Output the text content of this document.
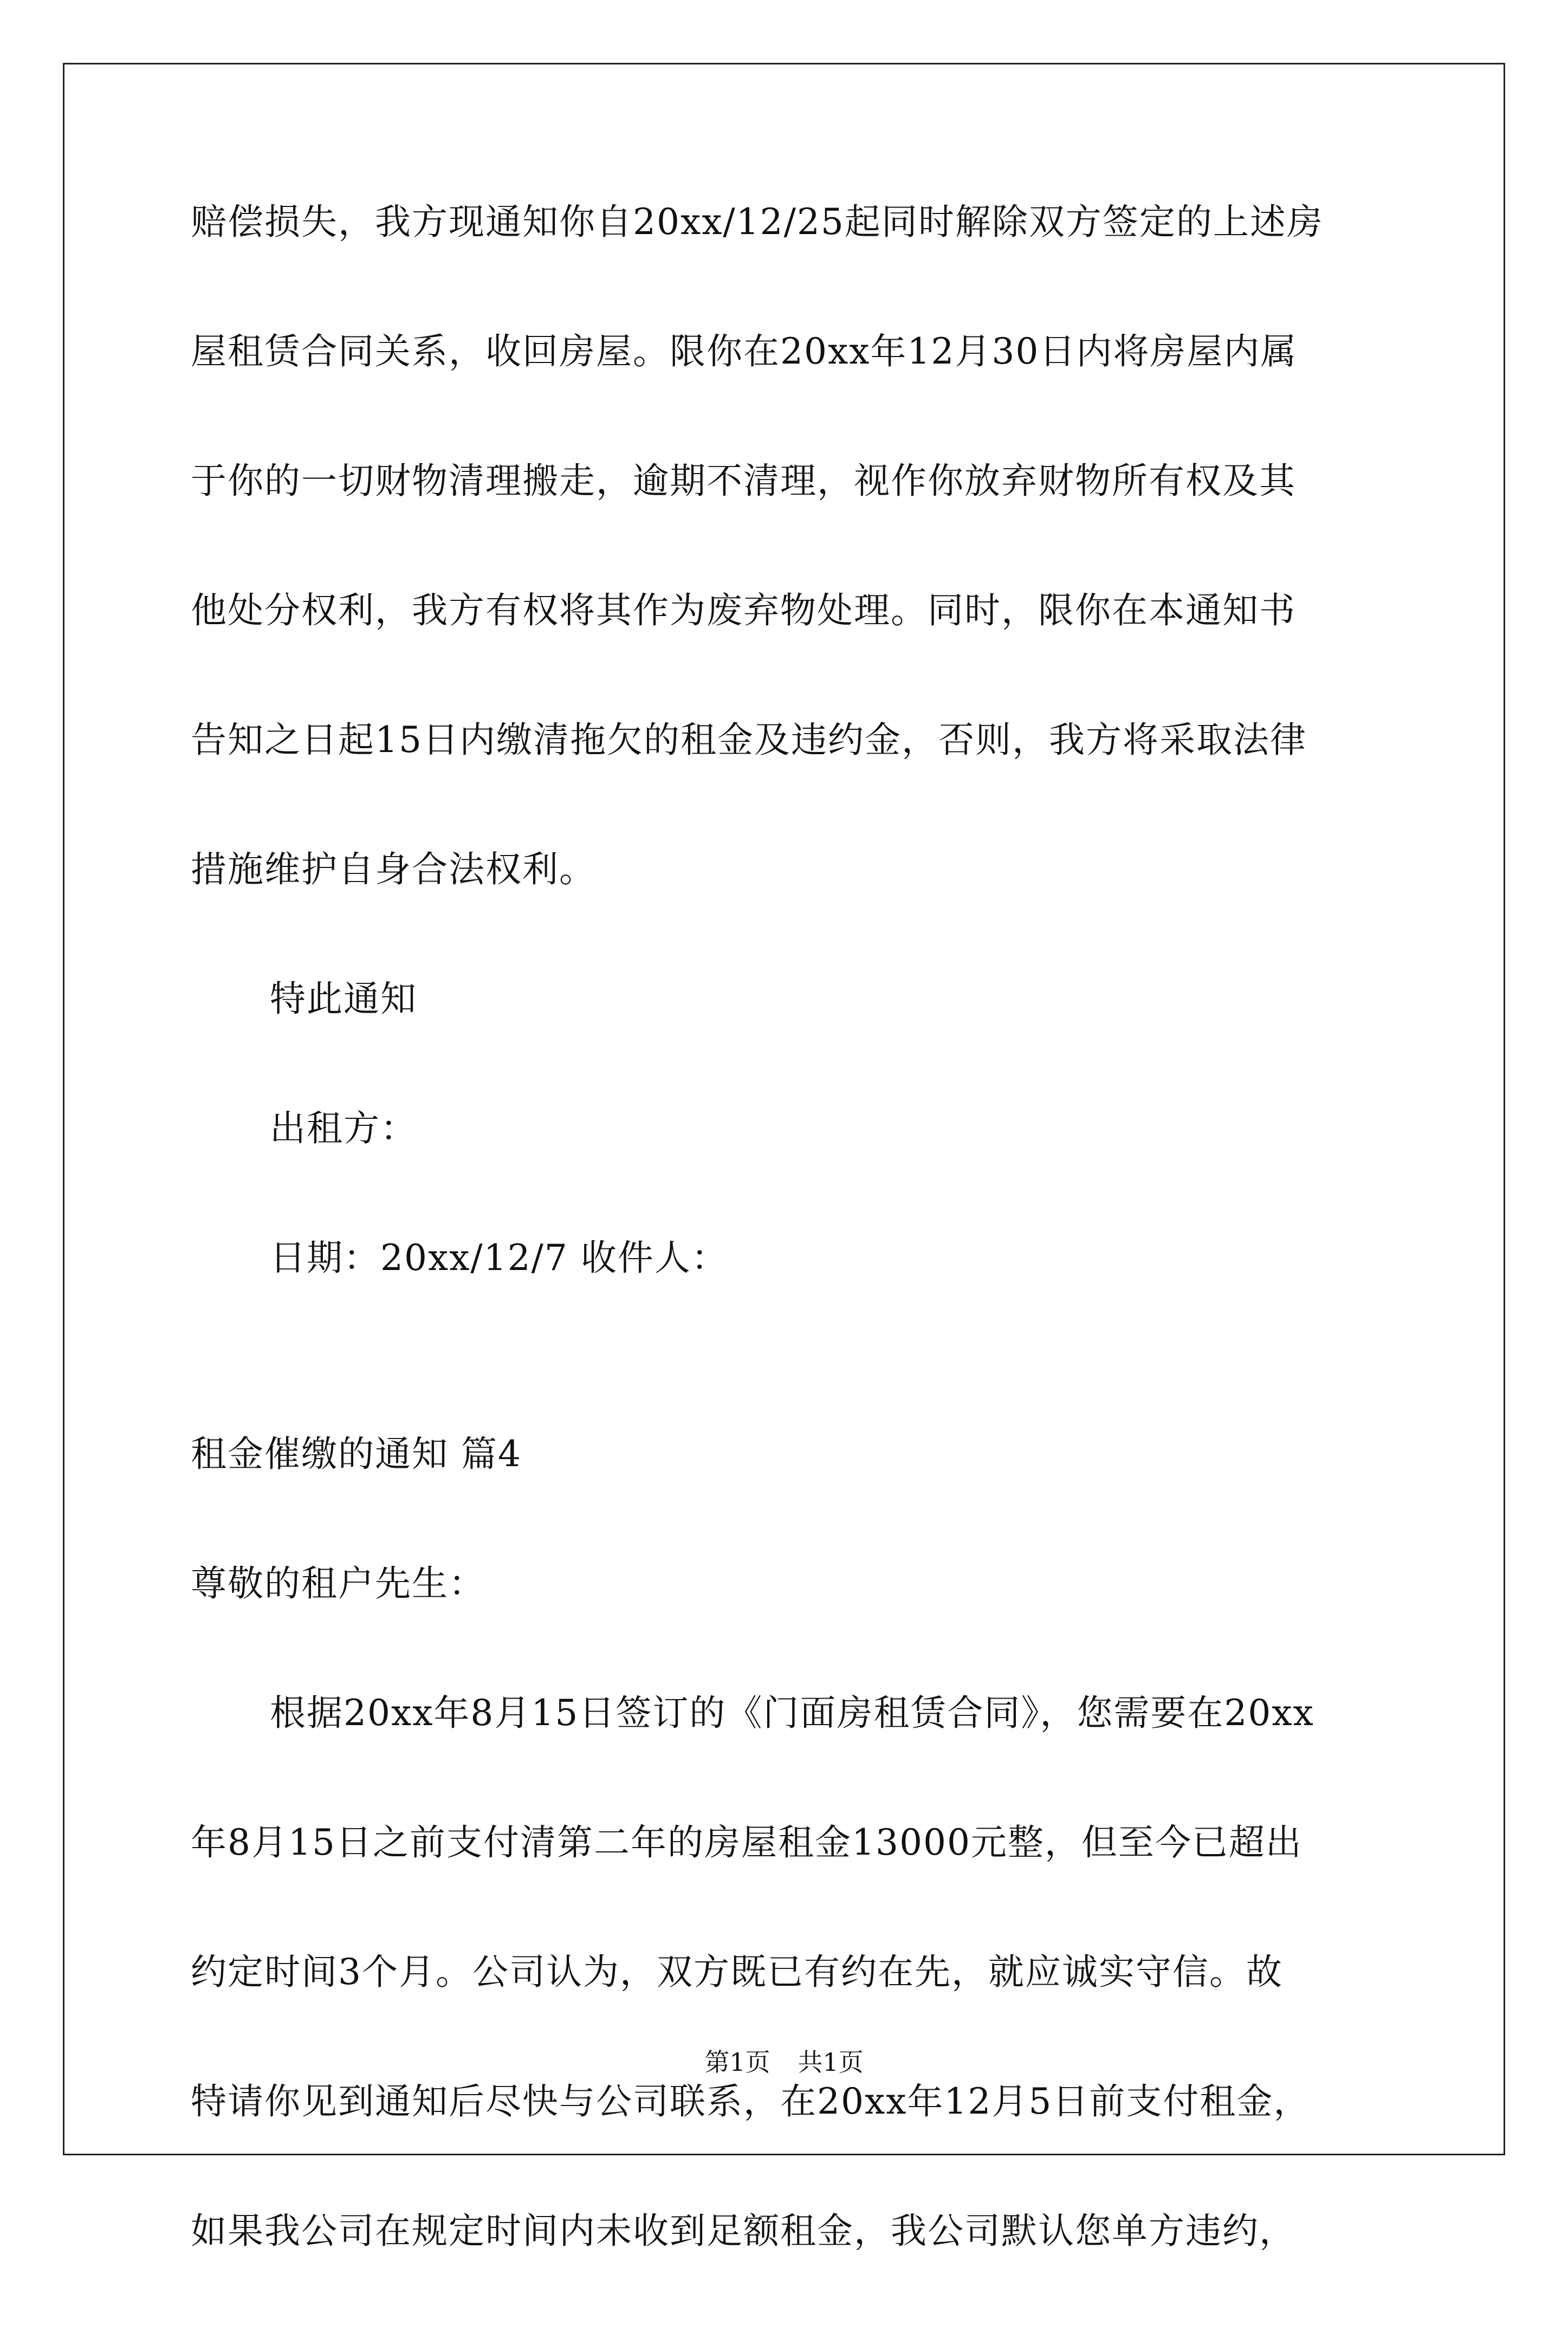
赔偿损失，我方现通知你自20xx/12/25起同时解除双方签定的上述房
屋租赁合同关系，收回房屋。限你在20xx年12月30日内将房屋内属
于你的一切财物清理搬走，逾期不清理，视作你放弃财物所有权及其
他处分权利，我方有权将其作为废弃物处理。同时，限你在本通知书
告知之日起15日内缴清拖欠的租金及违约金，否则，我方将采取法律
措施维护自身合法权利。
特此通知
出租方：
日期：20xx/12/7 收件人：
租金催缴的通知 篇4
尊敬的租户先生：
根据20xx年8月15日签订的《门面房租赁合同》，您需要在20xx
年8月15日之前支付清第二年的房屋租金13000元整，但至今已超出
约定时间3个月。公司认为，双方既已有约在先，就应诚实守信。故
特请你见到通知后尽快与公司联系，在20xx年12月5日前支付租金，
如果我公司在规定时间内未收到足额租金，我公司默认您单方违约，
第1页 共1页
